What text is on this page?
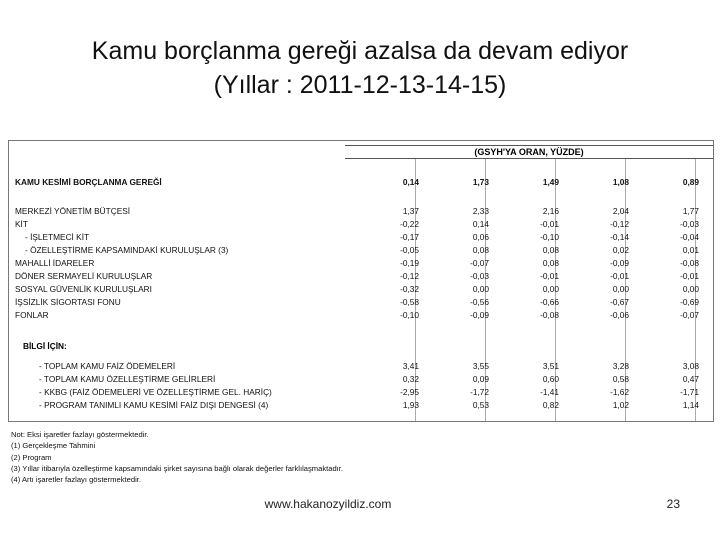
Kamu borçlanma gereği azalsa da devam ediyor
(Yıllar : 2011-12-13-14-15)
(GSYH'YA ORAN, YÜZDE)
KAMU KESİMİ BORÇLANMA GEREĞİ	0,14	1,73	1,49	1,08	0,89
MERKEZİ YÖNETİM BÜTÇESİ	1,37	2,33	2,16	2,04	1,77
KİT	-0,22	0,14	-0,01	-0,12	-0,03
- İŞLETMECİ KİT	-0,17	0,06	-0,10	-0,14	-0,04
- ÖZELLEŞTİRME KAPSAMINDAKİ KURULUŞLAR (3)	-0,05	0,08	0,08	0,02	0,01
MAHALLİ İDARELER	-0,19	-0,07	0,08	-0,09	-0,08
DÖNER SERMAYELİ KURULUŞLAR	-0,12	-0,03	-0,01	-0,01	-0,01
SOSYAL GÜVENLİK KURULUŞLARI	-0,32	0,00	0,00	0,00	0,00
İŞSİZLİK SİGORTASI FONU	-0,58	-0,56	-0,66	-0,67	-0,69
FONLAR	-0,10	-0,09	-0,08	-0,06	-0,07
BİLGİ İÇİN:
- TOPLAM KAMU FAİZ ÖDEMELERİ	3,41	3,55	3,51	3,28	3,08
- TOPLAM KAMU ÖZELLEŞTİRME GELİRLERİ	0,32	0,09	0,60	0,58	0,47
- KKBG (FAİZ ÖDEMELERİ VE ÖZELLEŞTİRME GEL. HARİÇ)	-2,95	-1,72	-1,41	-1,62	-1,71
- PROGRAM TANIMLI KAMU KESİMİ FAİZ DIŞI DENGESİ (4)	1,93	0,53	0,82	1,02	1,14
Not: Eksi işaretler fazlayı göstermektedir.
(1) Gerçekleşme Tahmini
(2) Program
(3) Yıllar itibarıyla özelleştirme kapsamındaki şirket sayısına bağlı olarak değerler farklılaşmaktadır.
(4) Artı işaretler fazlayı göstermektedir.
www.hakanozyildiz.com	23
